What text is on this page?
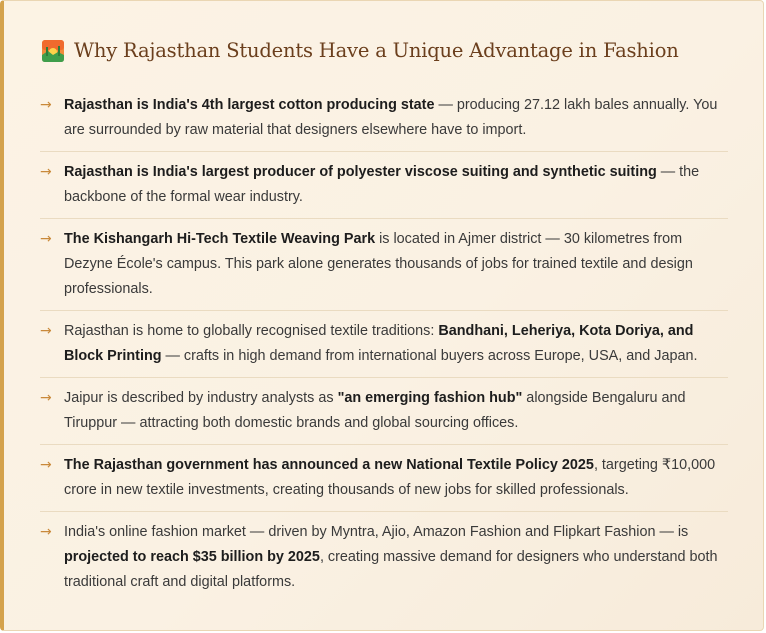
Why Rajasthan Students Have a Unique Advantage in Fashion
→ Rajasthan is India's 4th largest cotton producing state — producing 27.12 lakh bales annually. You are surrounded by raw material that designers elsewhere have to import.
→ Rajasthan is India's largest producer of polyester viscose suiting and synthetic suiting — the backbone of the formal wear industry.
→ The Kishangarh Hi-Tech Textile Weaving Park is located in Ajmer district — 30 kilometres from Dezyne École's campus. This park alone generates thousands of jobs for trained textile and design professionals.
→ Rajasthan is home to globally recognised textile traditions: Bandhani, Leheriya, Kota Doriya, and Block Printing — crafts in high demand from international buyers across Europe, USA, and Japan.
→ Jaipur is described by industry analysts as "an emerging fashion hub" alongside Bengaluru and Tiruppur — attracting both domestic brands and global sourcing offices.
→ The Rajasthan government has announced a new National Textile Policy 2025, targeting ₹10,000 crore in new textile investments, creating thousands of new jobs for skilled professionals.
→ India's online fashion market — driven by Myntra, Ajio, Amazon Fashion and Flipkart Fashion — is projected to reach $35 billion by 2025, creating massive demand for designers who understand both traditional craft and digital platforms.
